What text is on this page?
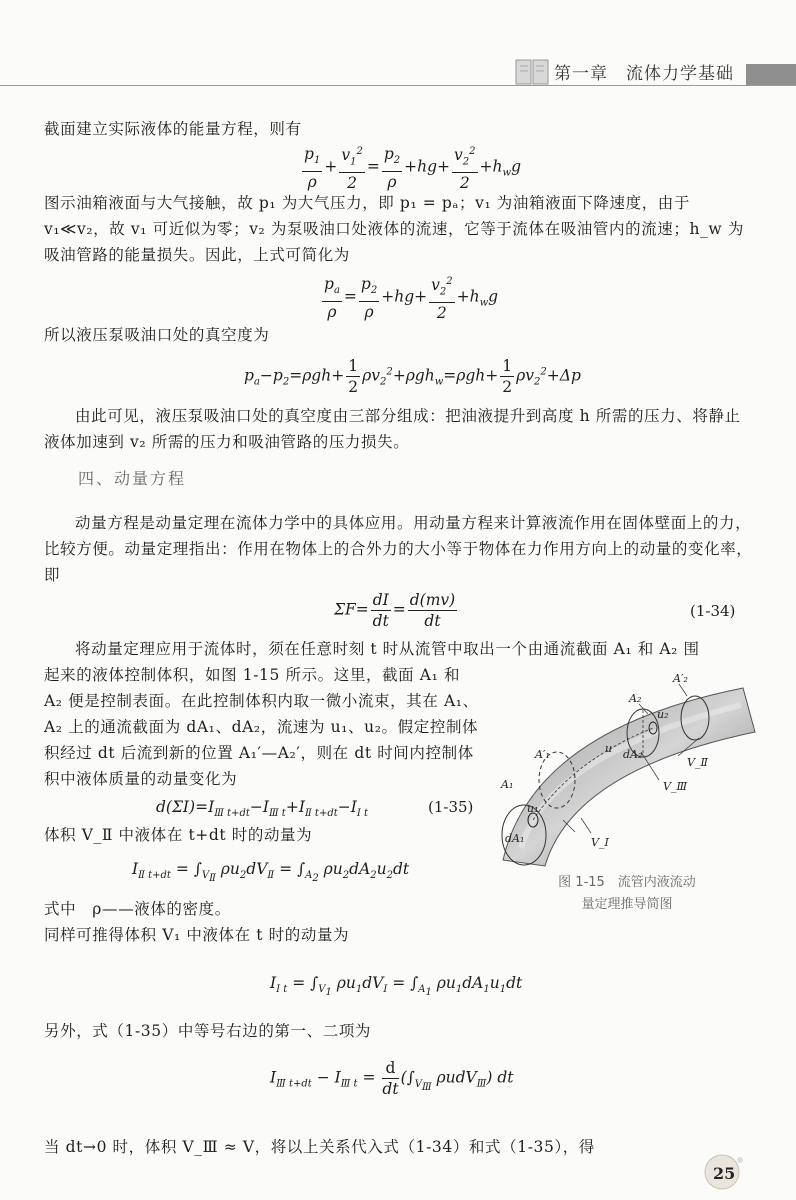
第一章　流体力学基础
截面建立实际液体的能量方程，则有
$\frac{p_1}{\rho} + \frac{v_1^2}{2} = \frac{p_2}{\rho} +hg+ \frac{v_2^2}{2} +h_wg$
图示油箱液面与大气接触，故 p₁ 为大气压力，即 p₁ = pₐ；v₁ 为油箱液面下降速度，由于 v₁≪v₂，故 v₁ 可近似为零；v₂ 为泵吸油口处液体的流速，它等于流体在吸油管内的流速；h_w 为吸油管路的能量损失。因此，上式可简化为
$\frac{p_a}{\rho} = \frac{p_2}{\rho} +hg+ \frac{v_2^2}{2} +h_wg$
所以液压泵吸油口处的真空度为
$p_a-p_2=\rho gh+ \frac{1}{2} \rho v_2^2+\rho gh_w=\rho gh+ \frac{1}{2} \rho v_2^2+\Delta p$
由此可见，液压泵吸油口处的真空度由三部分组成：把油液提升到高度 h 所需的压力、将静止液体加速到 v₂ 所需的压力和吸油管路的压力损失。
四、动量方程
动量方程是动量定理在流体力学中的具体应用。用动量方程来计算液流作用在固体壁面上的力，比较方便。动量定理指出：作用在物体上的合外力的大小等于物体在力作用方向上的动量的变化率，即
$\Sigma F= \frac{dI}{dt} = \frac{d(mv)}{dt}$	(1-34)
将动量定理应用于流体时，须在任意时刻 t 时从流管中取出一个由通流截面 A₁ 和 A₂ 围
起来的液体控制体积，如图 1-15 所示。这里，截面 A₁ 和 A₂ 便是控制表面。在此控制体积内取一微小流束，其在 A₁、A₂ 上的通流截面为 dA₁、dA₂，流速为 u₁、u₂。假定控制体积经过 dt 后流到新的位置 A₁′—A₂′，则在 dt 时间内控制体积中液体质量的动量变化为
$d(\Sigma I)=I_{Ⅲ t+dt}-I_{Ⅲ t}+I_{Ⅱ t+dt}-I_{Ⅰ t}$	(1-35)
体积 V_Ⅱ 中液体在 t+dt 时的动量为
$I_{Ⅱ t+dt} = \int_{V_Ⅱ}$ $\rho u_2dV_Ⅱ = \int_{A_2}$ $\rho u_2dA_2u_2dt$
式中　ρ——液体的密度。
同样可推得体积 V₁ 中液体在 t 时的动量为
$I_{Ⅰ t} = \int_{V_1}$ $\rho u_1dV_Ⅰ = \int_{A_1}$ $\rho u_1dA_1u_1dt$
另外，式（1-35）中等号右边的第一、二项为
$I_{Ⅲ t+dt} - I_{Ⅲ t} = \frac{d}{dt} (\int_{V_Ⅲ}$ ρudV$_Ⅲ$) dt
当 dt→0 时，体积 V_Ⅲ ≈ V，将以上关系代入式（1-34）和式（1-35），得
A′₂
A₂
u₂
u dA₂
A′₁
V_Ⅱ
V_Ⅲ
A₁
u₁
dA₁	V_Ⅰ
图 1-15　流管内液流动
量定理推导简图
25
